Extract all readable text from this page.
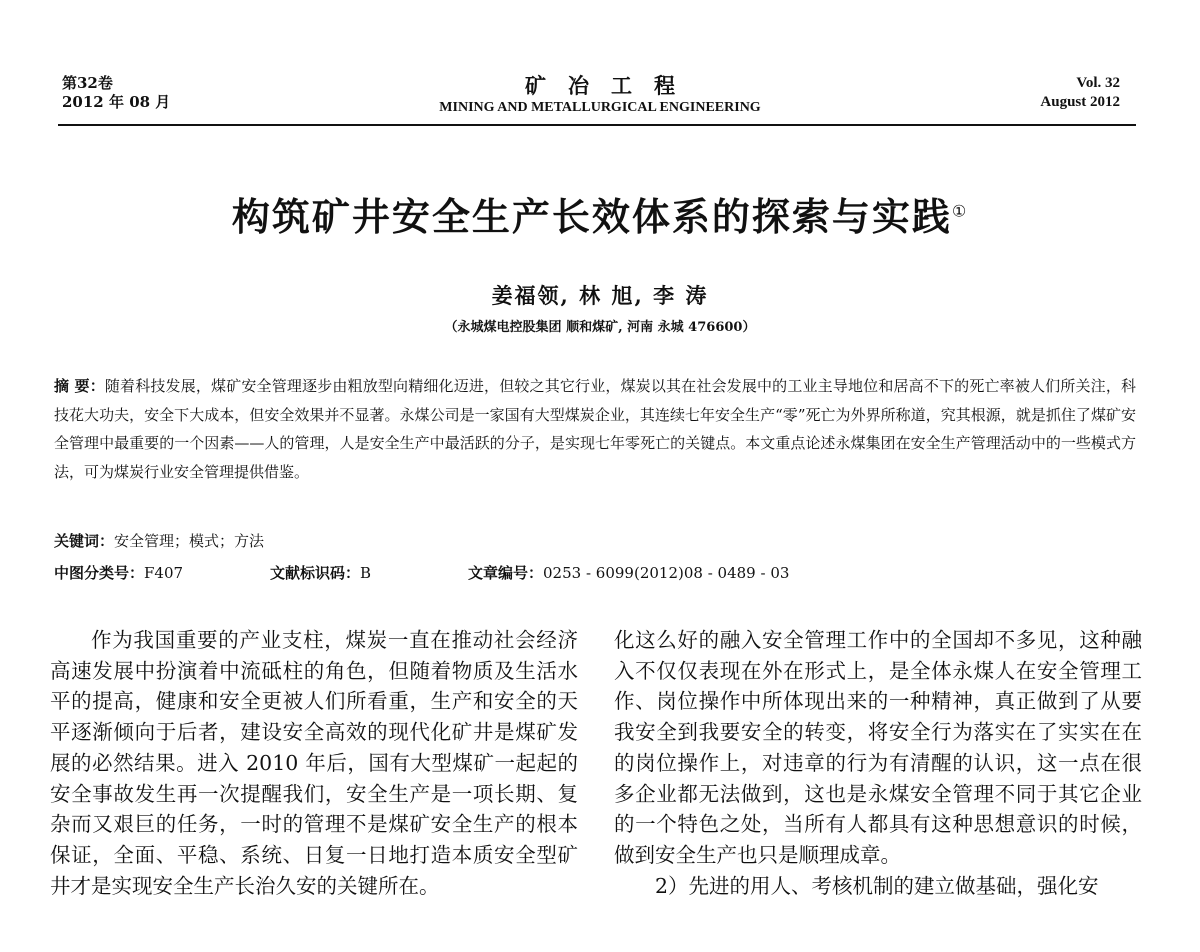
第32卷
2012 年 08 月
矿冶工程
MINING AND METALLURGICAL ENGINEERING
Vol. 32
August 2012
构筑矿井安全生产长效体系的探索与实践①
姜福领, 林 旭, 李 涛
（永城煤电控股集团 顺和煤矿, 河南 永城 476600）
摘 要：随着科技发展，煤矿安全管理逐步由粗放型向精细化迈进，但较之其它行业，煤炭以其在社会发展中的工业主导地位和居高不下的死亡率被人们所关注，科技花大功夫，安全下大成本，但安全效果并不显著。永煤公司是一家国有大型煤炭企业，其连续七年安全生产“零”死亡为外界所称道，究其根源，就是抓住了煤矿安全管理中最重要的一个因素——人的管理，人是安全生产中最活跃的分子，是实现七年零死亡的关键点。本文重点论述永煤集团在安全生产管理活动中的一些模式方法，可为煤炭行业安全管理提供借鉴。
关键词：安全管理；模式；方法
中图分类号：F407	文献标识码：B	文章编号：0253 - 6099(2012)08 - 0489 - 03

作为我国重要的产业支柱，煤炭一直在推动社会经济高速发展中扮演着中流砥柱的角色，但随着物质及生活水平的提高，健康和安全更被人们所看重，生产和安全的天平逐渐倾向于后者，建设安全高效的现代化矿井是煤矿发展的必然结果。进入 2010 年后，国有大型煤矿一起起的安全事故发生再一次提醒我们，安全生产是一项长期、复杂而又艰巨的任务，一时的管理不是煤矿安全生产的根本保证，全面、平稳、系统、日复一日地打造本质安全型矿井才是实现安全生产长治久安的关键所在。

化这么好的融入安全管理工作中的全国却不多见，这种融入不仅仅表现在外在形式上，是全体永煤人在安全管理工作、岗位操作中所体现出来的一种精神，真正做到了从要我安全到我要安全的转变，将安全行为落实在了实实在在的岗位操作上，对违章的行为有清醒的认识，这一点在很多企业都无法做到，这也是永煤安全管理不同于其它企业的一个特色之处，当所有人都具有这种思想意识的时候，做到安全生产也只是顺理成章。

2）先进的用人、考核机制的建立做基础，强化安
